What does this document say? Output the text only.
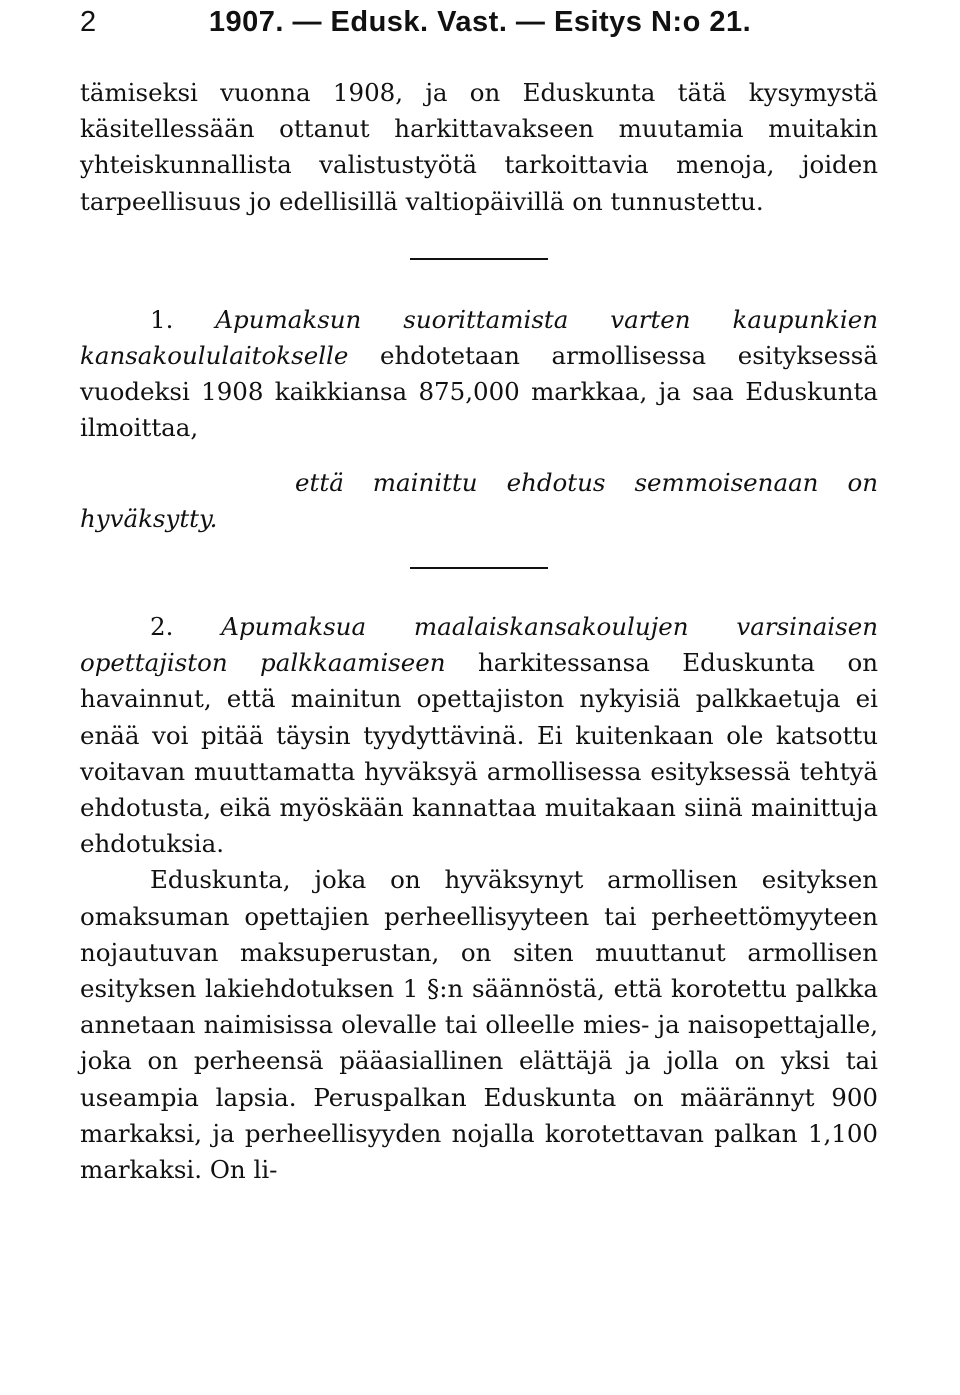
2	1907. — Edusk. Vast. — Esitys N:o 21.

tämiseksi vuonna 1908, ja on Eduskunta tätä kysymystä käsitellessään ottanut harkittavakseen muutamia muitakin yhteiskunnallista valistustyötä tarkoittavia menoja, joiden tarpeellisuus jo edellisillä valtiopäivillä on tunnustettu.

1. Apumaksun suorittamista varten kaupunkien kansakoululaitokselle ehdotetaan armollisessa esityksessä vuodeksi 1908 kaikkiansa 875,000 markkaa, ja saa Eduskunta ilmoittaa,

että mainittu ehdotus semmoisenaan on hyväksytty.

2. Apumaksua maalaiskansakoulujen varsinaisen opettajiston palkkaamiseen harkitessansa Eduskunta on havainnut, että mainitun opettajiston nykyisiä palkkaetuja ei enää voi pitää täysin tyydyttävinä. Ei kuitenkaan ole katsottu voitavan muuttamatta hyväksyä armollisessa esityksessä tehtyä ehdotusta, eikä myöskään kannattaa muitakaan siinä mainittuja ehdotuksia.

Eduskunta, joka on hyväksynyt armollisen esityksen omaksuman opettajien perheellisyyteen tai perheettömyyteen nojautuvan maksuperustan, on siten muuttanut armollisen esityksen lakiehdotuksen 1 §:n säännöstä, että korotettu palkka annetaan naimisissa olevalle tai olleelle mies- ja naisopettajalle, joka on perheensä pääasiallinen elättäjä ja jolla on yksi tai useampia lapsia. Peruspalkan Eduskunta on määrännyt 900 markaksi, ja perheellisyyden nojalla korotettavan palkan 1,100 markaksi. On li-
